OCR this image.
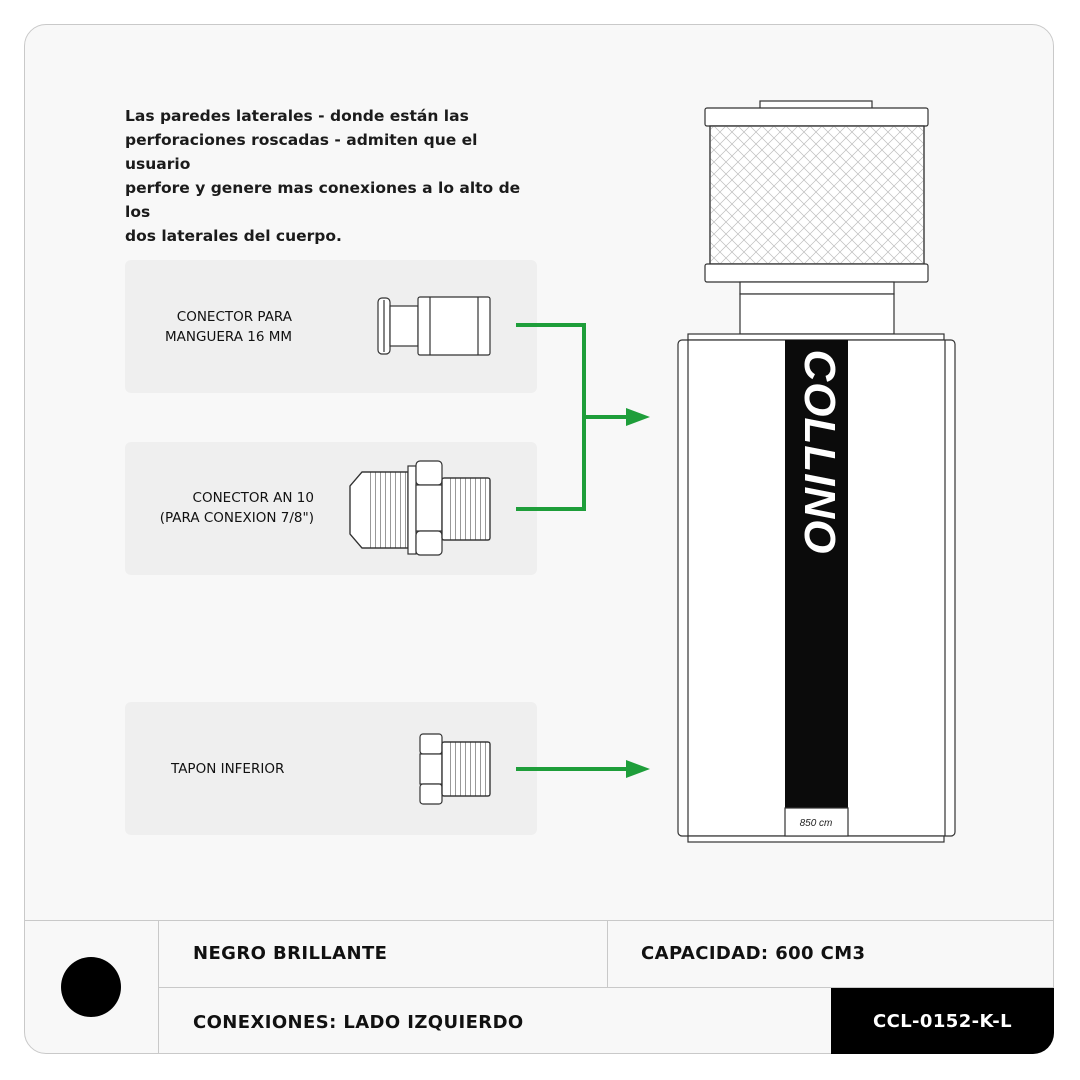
Las paredes laterales - donde están las
perforaciones roscadas - admiten que el usuario
perfore y genere mas conexiones a lo alto de los
dos laterales del cuerpo.
CONECTOR PARA
MANGUERA 16 MM
CONECTOR AN 10
(PARA CONEXION 7/8")
TAPON INFERIOR
COLLINO
850 cm
NEGRO BRILLANTE	CAPACIDAD: 600 CM3
CONEXIONES: LADO IZQUIERDO	CCL-0152-K-L
